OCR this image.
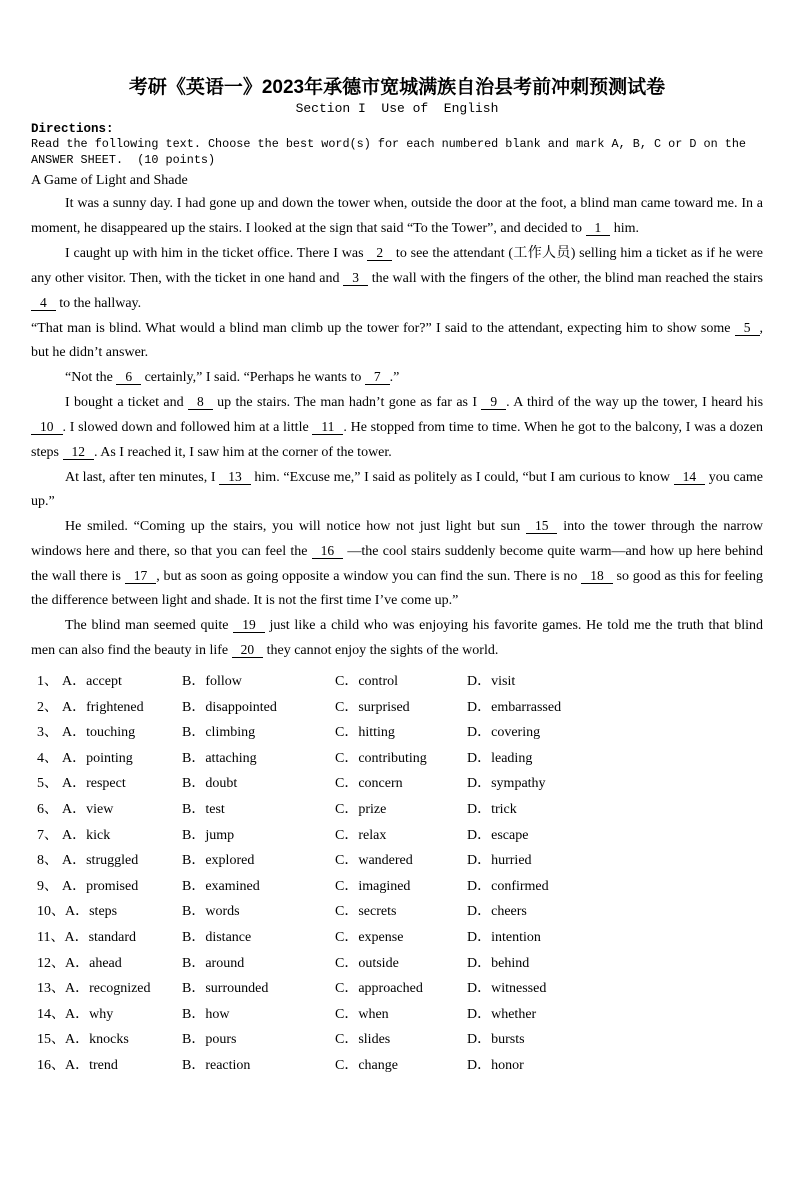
考研《英语一》2023年承德市宽城满族自治县考前冲刺预测试卷
Section I  Use of  English
Directions:
Read the following text. Choose the best word(s) for each numbered blank and mark A, B, C or D on the
ANSWER SHEET.  (10 points)
A Game of Light and Shade

It was a sunny day. I had gone up and down the tower when, outside the door at the foot, a blind man came toward me. In a moment, he disappeared up the stairs. I looked at the sign that said “To the Tower”, and decided to 1 him.

I caught up with him in the ticket office. There I was 2 to see the attendant (工作人员) selling him a ticket as if he were any other visitor. Then, with the ticket in one hand and 3 the wall with the fingers of the other, the blind man reached the stairs 4 to the hallway.

“That man is blind. What would a blind man climb up the tower for?” I said to the attendant, expecting him to show some 5 , but he didn’t answer.

“Not the 6 certainly,” I said. “Perhaps he wants to 7 .”

I bought a ticket and 8 up the stairs. The man hadn’t gone as far as I 9 . A third of the way up the tower, I heard his 10 . I slowed down and followed him at a little 11 . He stopped from time to time. When he got to the balcony, I was a dozen steps 12 . As I reached it, I saw him at the corner of the tower.

At last, after ten minutes, I 13 him. “Excuse me,” I said as politely as I could, “but I am curious to know 14 you came up.”

He smiled. “Coming up the stairs, you will notice how not just light but sun 15 into the tower through the narrow windows here and there, so that you can feel the 16 —the cool stairs suddenly become quite warm—and how up here behind the wall there is 17 , but as soon as going opposite a window you can find the sun. There is no 18 so good as this for feeling the difference between light and shade. It is not the first time I’ve come up.”

The blind man seemed quite 19 just like a child who was enjoying his favorite games. He told me the truth that blind men can also find the beauty in life 20 they cannot enjoy the sights of the world.

1、 A．accept	B．follow	C．control	D．visit
2、 A．frightened	B．disappointed	C．surprised	D．embarrassed
3、 A．touching	B．climbing	C．hitting	D．covering
4、 A．pointing	B．attaching	C．contributing	D．leading
5、 A．respect	B．doubt	C．concern	D．sympathy
6、 A．view	B．test	C．prize	D．trick
7、 A．kick	B．jump	C．relax	D．escape
8、 A．struggled	B．explored	C．wandered	D．hurried
9、 A．promised	B．examined	C．imagined	D．confirmed
10、A．steps	B．words	C．secrets	D．cheers
11、A．standard	B．distance	C．expense	D．intention
12、A．ahead	B．around	C．outside	D．behind
13、A．recognized B．surrounded	C．approached	D．witnessed
14、A．why	B．how	C．when	D．whether
15、A．knocks	B．pours	C．slides	D．bursts
16、A．trend	B．reaction	C．change	D．honor
